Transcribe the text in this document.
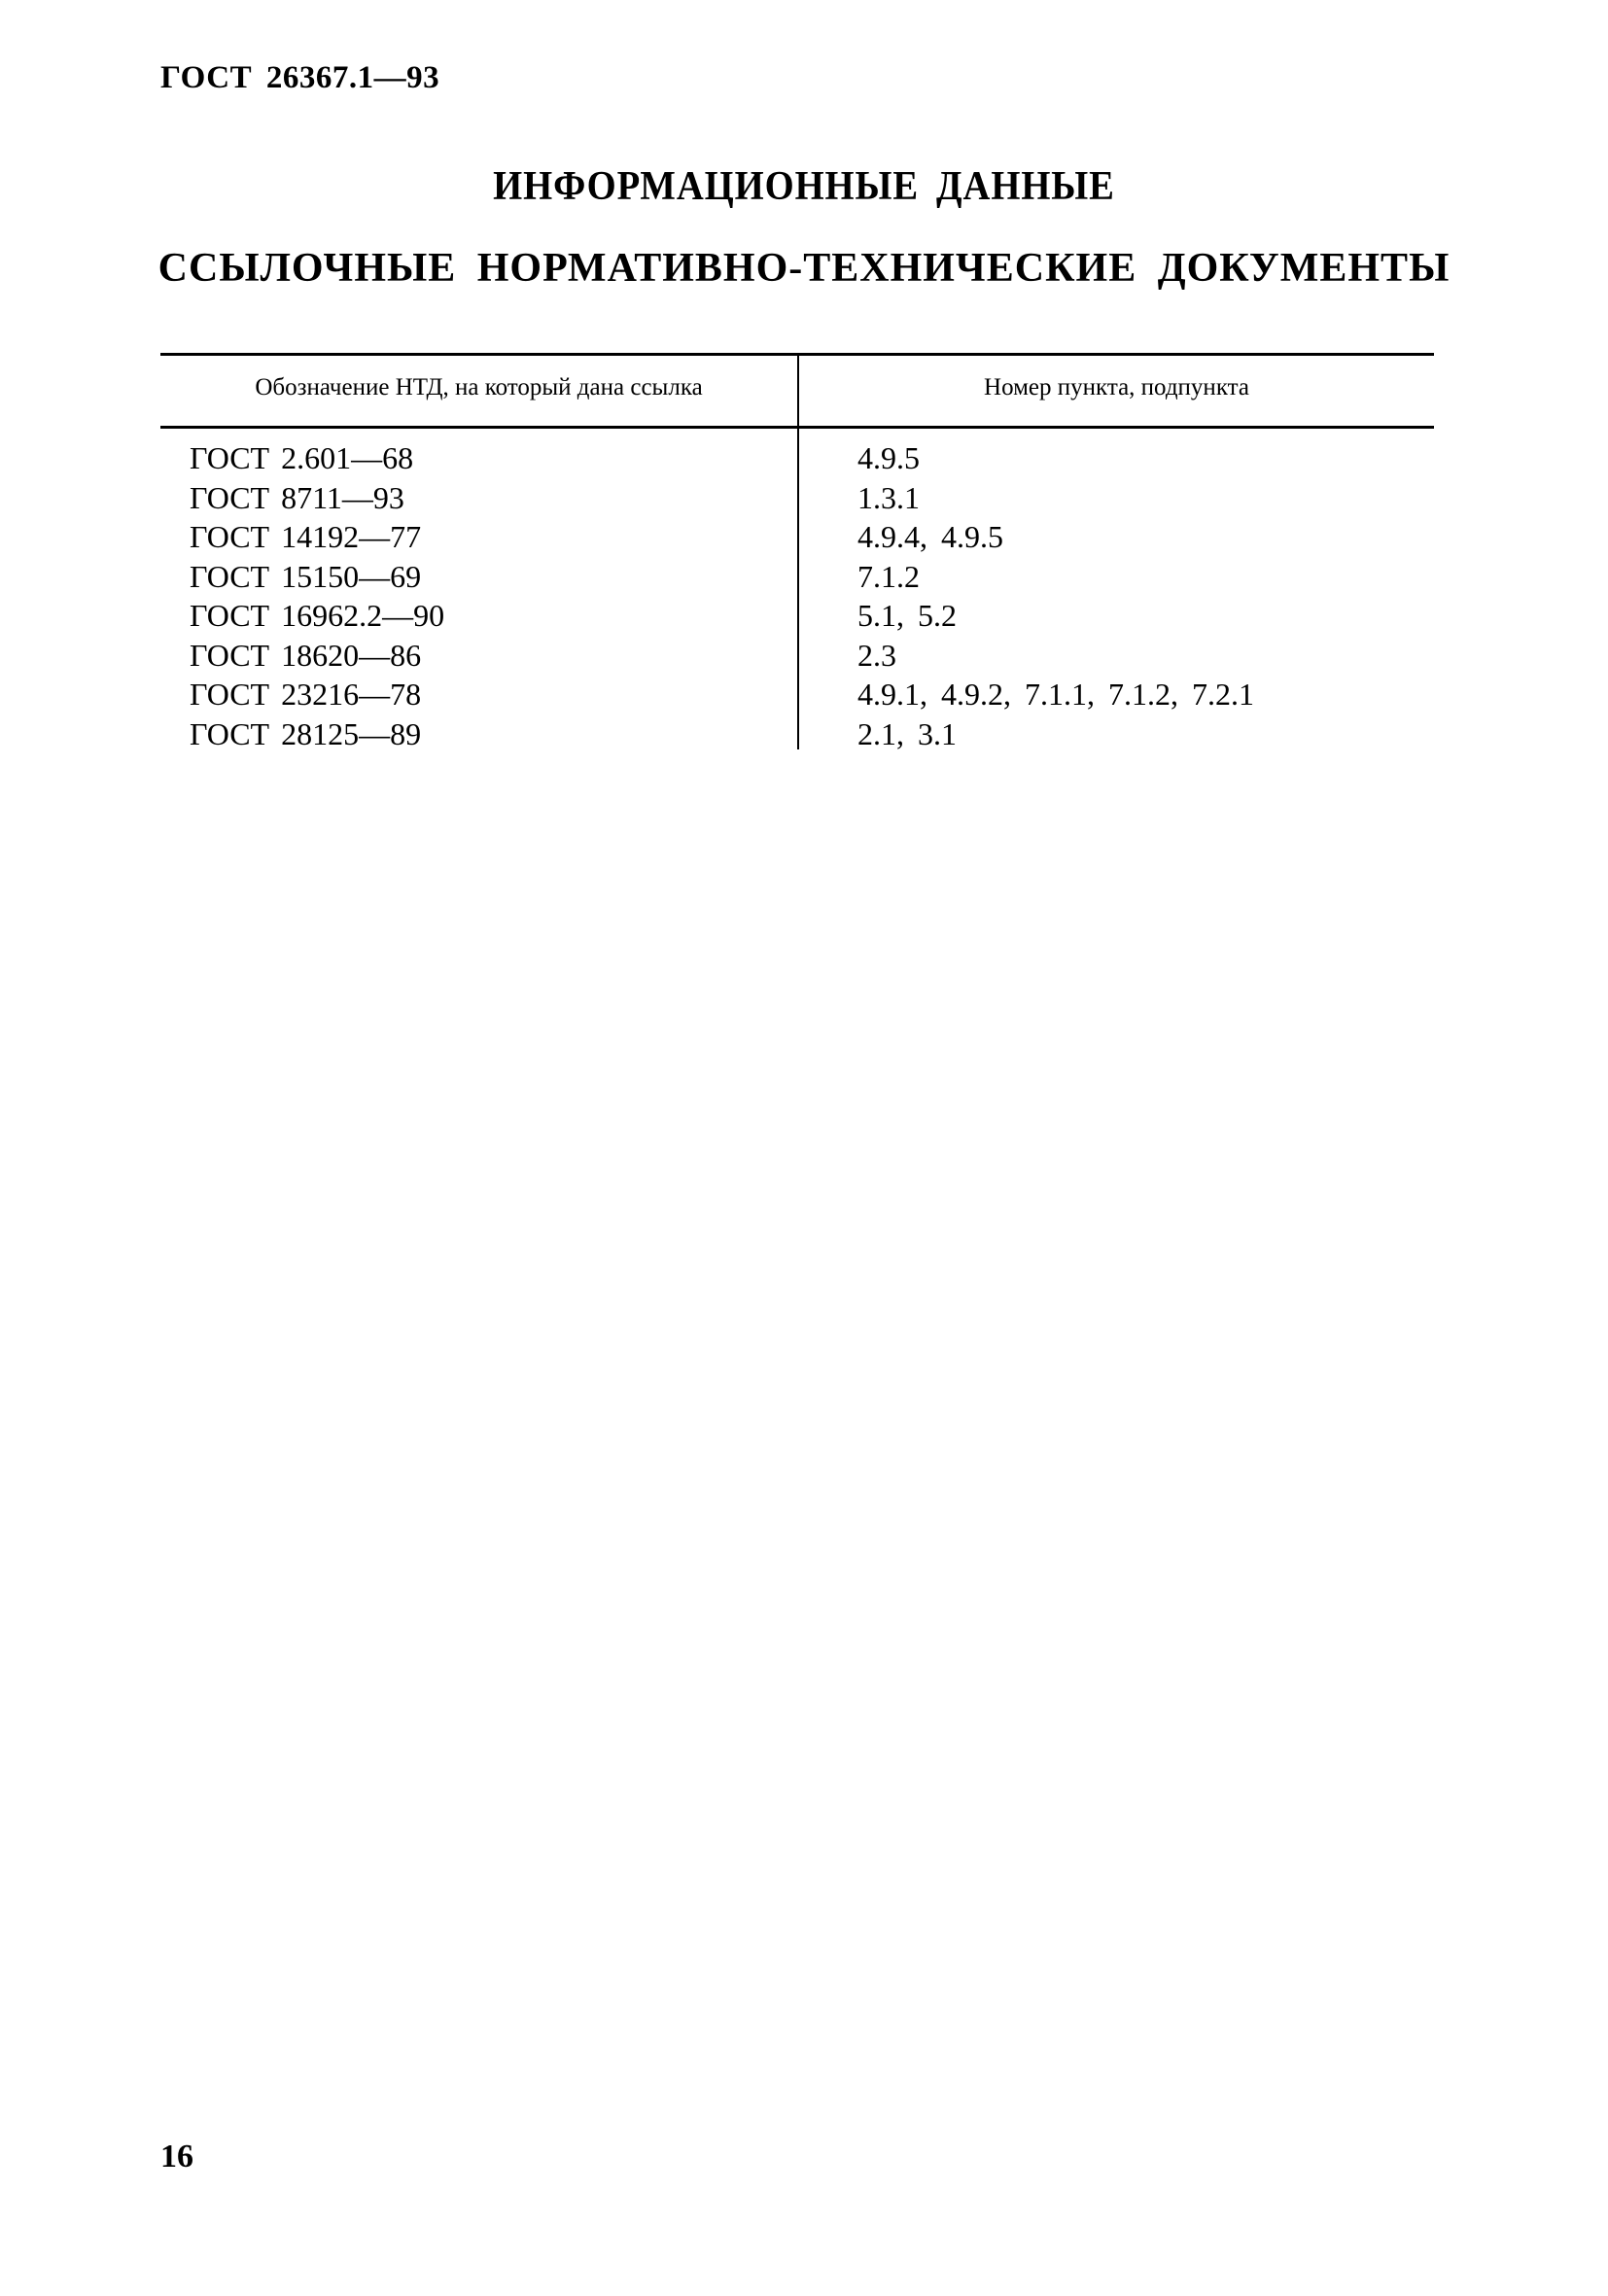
ГОСТ 26367.1—93
ИНФОРМАЦИОННЫЕ ДАННЫЕ
ССЫЛОЧНЫЕ НОРМАТИВНО-ТЕХНИЧЕСКИЕ ДОКУМЕНТЫ
Обозначение НТД, на который дана ссылка	Номер пункта, подпункта
ГОСТ 2.601—68	4.9.5
ГОСТ 8711—93	1.3.1
ГОСТ 14192—77	4.9.4, 4.9.5
ГОСТ 15150—69	7.1.2
ГОСТ 16962.2—90	5.1, 5.2
ГОСТ 18620—86	2.3
ГОСТ 23216—78	4.9.1, 4.9.2, 7.1.1, 7.1.2, 7.2.1
ГОСТ 28125—89	2.1, 3.1
16
